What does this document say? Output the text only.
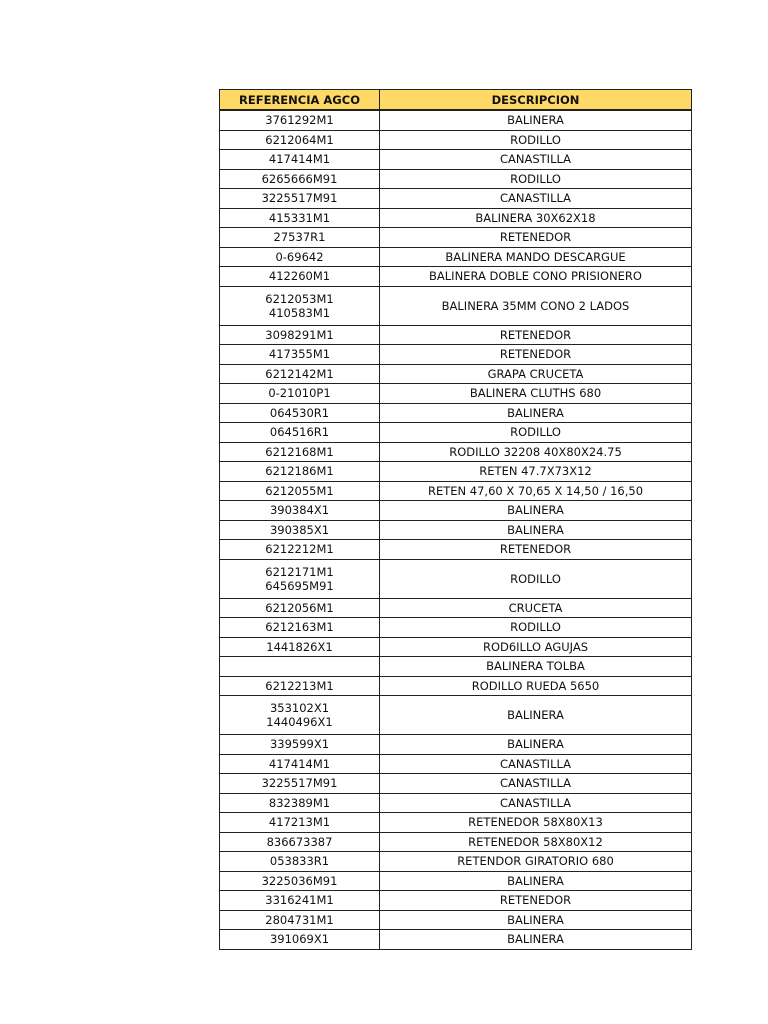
REFERENCIA AGCO	DESCRIPCION

3761292M1	BALINERA

6212064M1	RODILLO

417414M1	CANASTILLA

6265666M91	RODILLO

3225517M91	CANASTILLA

415331M1	BALINERA 30X62X18

27537R1	RETENEDOR

0-69642	BALINERA MANDO DESCARGUE

412260M1	BALINERA DOBLE CONO PRISIONERO

6212053M1
410583M1	BALINERA 35MM CONO 2 LADOS

3098291M1	RETENEDOR

417355M1	RETENEDOR

6212142M1	GRAPA CRUCETA

0-21010P1	BALINERA CLUTHS 680

064530R1	BALINERA

064516R1	RODILLO

6212168M1	RODILLO 32208 40X80X24.75

6212186M1	RETEN 47.7X73X12

6212055M1	RETEN 47,60 X 70,65 X 14,50 / 16,50

390384X1	BALINERA

390385X1	BALINERA

6212212M1	RETENEDOR

6212171M1
645695M91	RODILLO

6212056M1	CRUCETA

6212163M1	RODILLO

1441826X1	ROD6ILLO AGUJAS

	BALINERA TOLBA

6212213M1	RODILLO RUEDA 5650

353102X1
1440496X1	BALINERA

339599X1	BALINERA

417414M1	CANASTILLA

3225517M91	CANASTILLA

832389M1	CANASTILLA

417213M1	RETENEDOR 58X80X13

836673387	RETENEDOR 58X80X12

053833R1	RETENDOR GIRATORIO 680

3225036M91	BALINERA

3316241M1	RETENEDOR

2804731M1	BALINERA

391069X1	BALINERA
